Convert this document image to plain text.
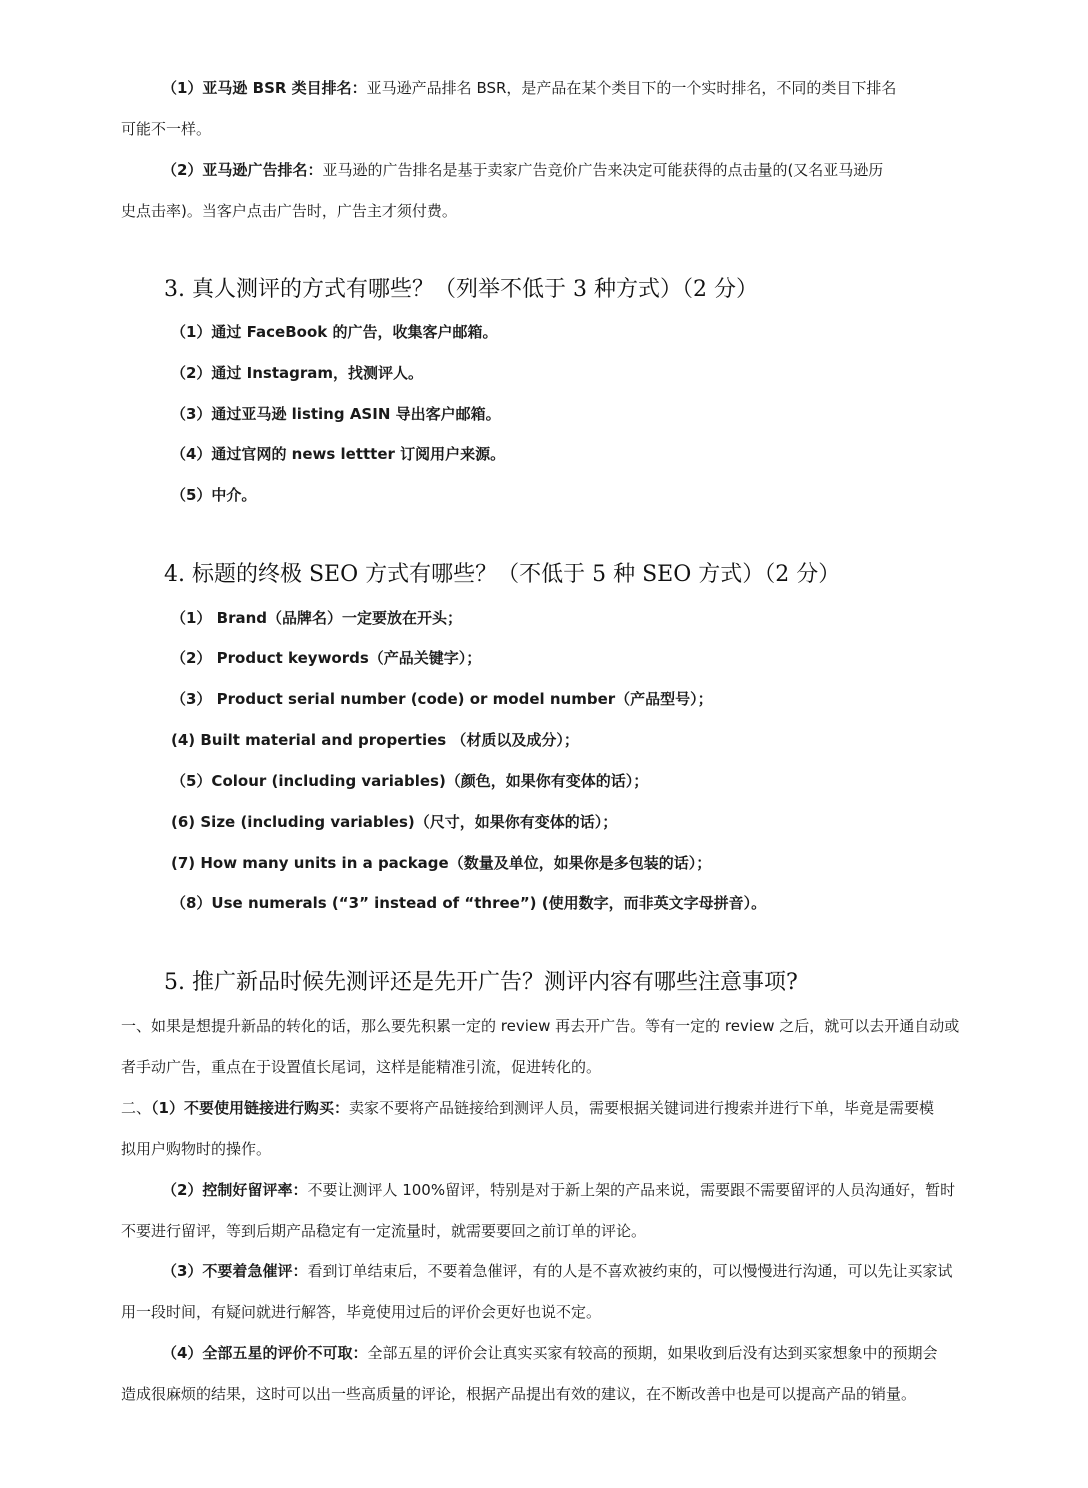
（1）亚马逊 BSR 类目排名：亚马逊产品排名 BSR，是产品在某个类目下的一个实时排名，不同的类目下排名
可能不一样。
（2）亚马逊广告排名：亚马逊的广告排名是基于卖家广告竞价广告来决定可能获得的点击量的(又名亚马逊历
史点击率)。当客户点击广告时，广告主才须付费。
3. 真人测评的方式有哪些？（列举不低于 3 种方式）（2 分）
（1）通过 FaceBook 的广告，收集客户邮箱。
（2）通过 Instagram，找测评人。
（3）通过亚马逊 listing ASIN 导出客户邮箱。
（4）通过官网的 news lettter 订阅用户来源。
（5）中介。
4. 标题的终极 SEO 方式有哪些？（不低于 5 种 SEO 方式）（2 分）
（1） Brand（品牌名）一定要放在开头；
（2） Product keywords（产品关键字）；
（3） Product serial number (code) or model number（产品型号）；
(4) Built material and properties （材质以及成分）；
（5）Colour (including variables)（颜色，如果你有变体的话）；
(6) Size (including variables)（尺寸，如果你有变体的话）；
(7) How many units in a package（数量及单位，如果你是多包装的话）；
（8）Use numerals (“3” instead of “three”) (使用数字，而非英文字母拼音）。
5. 推广新品时候先测评还是先开广告？测评内容有哪些注意事项?
一、如果是想提升新品的转化的话，那么要先积累一定的 review 再去开广告。等有一定的 review 之后，就可以去开通自动或
者手动广告，重点在于设置值长尾词，这样是能精准引流，促进转化的。
二、（1）不要使用链接进行购买：卖家不要将产品链接给到测评人员，需要根据关键词进行搜索并进行下单，毕竟是需要模
拟用户购物时的操作。
（2）控制好留评率：不要让测评人 100%留评，特别是对于新上架的产品来说，需要跟不需要留评的人员沟通好，暂时
不要进行留评，等到后期产品稳定有一定流量时，就需要要回之前订单的评论。
（3）不要着急催评：看到订单结束后，不要着急催评，有的人是不喜欢被约束的，可以慢慢进行沟通，可以先让买家试
用一段时间，有疑问就进行解答，毕竟使用过后的评价会更好也说不定。
（4）全部五星的评价不可取：全部五星的评价会让真实买家有较高的预期，如果收到后没有达到买家想象中的预期会
造成很麻烦的结果，这时可以出一些高质量的评论，根据产品提出有效的建议，在不断改善中也是可以提高产品的销量。
